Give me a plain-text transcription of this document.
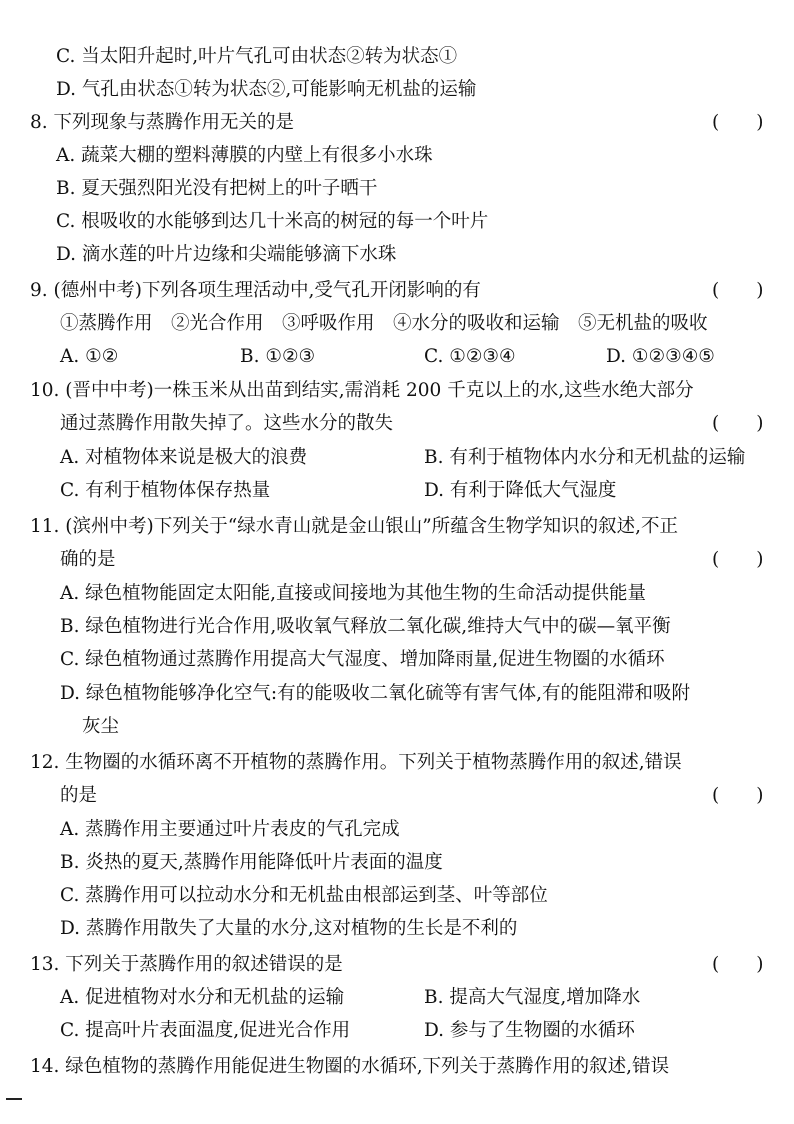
C. 当太阳升起时,叶片气孔可由状态②转为状态①
D. 气孔由状态①转为状态②,可能影响无机盐的运输
8. 下列现象与蒸腾作用无关的是	(　　)
A. 蔬菜大棚的塑料薄膜的内壁上有很多小水珠
B. 夏天强烈阳光没有把树上的叶子晒干
C. 根吸收的水能够到达几十米高的树冠的每一个叶片
D. 滴水莲的叶片边缘和尖端能够滴下水珠
9. (德州中考)下列各项生理活动中,受气孔开闭影响的有	(　　)
①蒸腾作用　②光合作用　③呼吸作用　④水分的吸收和运输　⑤无机盐的吸收
A. ①②	B. ①②③	C. ①②③④	D. ①②③④⑤
10. (晋中中考)一株玉米从出苗到结实,需消耗 200 千克以上的水,这些水绝大部分
通过蒸腾作用散失掉了。这些水分的散失	(　　)
A. 对植物体来说是极大的浪费	B. 有利于植物体内水分和无机盐的运输
C. 有利于植物体保存热量	D. 有利于降低大气湿度
11. (滨州中考)下列关于“绿水青山就是金山银山”所蕴含生物学知识的叙述,不正
确的是	(　　)
A. 绿色植物能固定太阳能,直接或间接地为其他生物的生命活动提供能量
B. 绿色植物进行光合作用,吸收氧气释放二氧化碳,维持大气中的碳—氧平衡
C. 绿色植物通过蒸腾作用提高大气湿度、增加降雨量,促进生物圈的水循环
D. 绿色植物能够净化空气:有的能吸收二氧化硫等有害气体,有的能阻滞和吸附
灰尘
12. 生物圈的水循环离不开植物的蒸腾作用。下列关于植物蒸腾作用的叙述,错误
的是	(　　)
A. 蒸腾作用主要通过叶片表皮的气孔完成
B. 炎热的夏天,蒸腾作用能降低叶片表面的温度
C. 蒸腾作用可以拉动水分和无机盐由根部运到茎、叶等部位
D. 蒸腾作用散失了大量的水分,这对植物的生长是不利的
13. 下列关于蒸腾作用的叙述错误的是	(　　)
A. 促进植物对水分和无机盐的运输	B. 提高大气湿度,增加降水
C. 提高叶片表面温度,促进光合作用	D. 参与了生物圈的水循环
14. 绿色植物的蒸腾作用能促进生物圈的水循环,下列关于蒸腾作用的叙述,错误
